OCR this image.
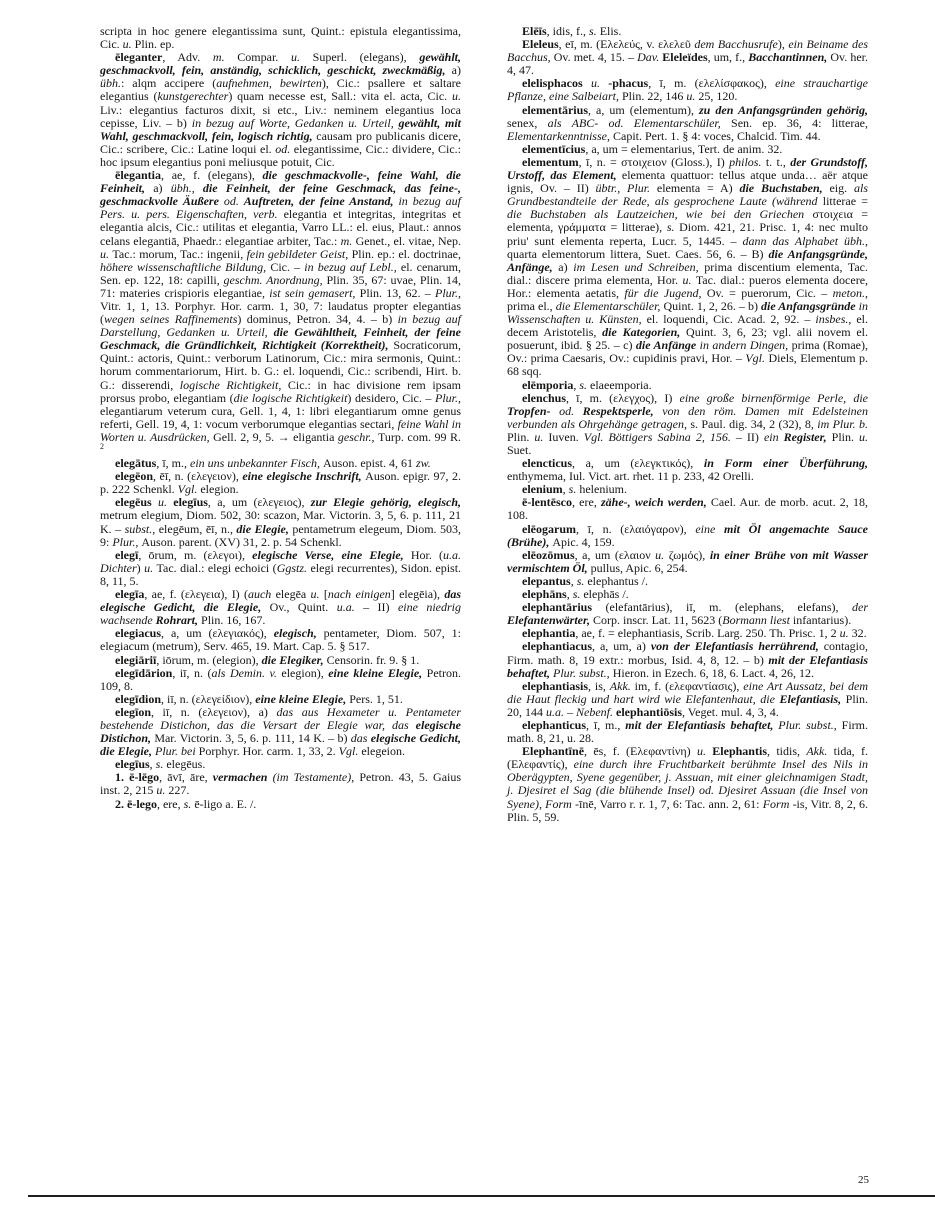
scripta in hoc genere elegantissima sunt, Quint.: epistula elegantissima, Cic. u. Plin. ep.

ēleganter, Adv. m. Compar. u. Superl. (elegans), gewählt, geschmackvoll, fein, anständig, schicklich, geschickt, zweckmäßig, a) übh.: alqm accipere (aufnehmen, bewirten), Cic.: psallere et saltare elegantius (kunstgerechter) quam necesse est, Sall.: vita el. acta, Cic. u. Liv.: elegantius facturos dixit, si etc., Liv.: neminem elegantius loca cepisse, Liv. – b) in bezug auf Worte, Gedanken u. Urteil, gewählt, mit Wahl, geschmackvoll, fein, logisch richtig, causam pro publicanis dicere, Cic.: scribere, Cic.: Latine loqui el. od. elegantissime, Cic.: dividere, Cic.: hoc ipsum elegantius poni meliusque potuit, Cic.

ēlegantia, ae, f. (elegans), die geschmackvolle-, feine Wahl, die Feinheit, a) übh., die Feinheit, der feine Geschmack, das feine-, geschmackvolle Äußere od. Auftreten, der feine Anstand, in bezug auf Pers. u. pers. Eigenschaften, verb. elegantia et integritas, integritas et elegantia alcis, Cic.: utilitas et elegantia, Varro LL.: el. eius, Plaut.: annos celans elegantiā, Phaedr.: elegantiae arbiter, Tac.: m. Genet., el. vitae, Nep. u. Tac.: morum, Tac.: ingenii, fein gebildeter Geist, Plin. ep.: el. doctrinae, höhere wissenschaftliche Bildung, Cic. – in bezug auf Lebl., el. cenarum, Sen. ep. 122, 18: capilli, geschm. Anordnung, Plin. 35, 67: uvae, Plin. 14, 71: materies crispioris elegantiae, ist sein gemasert, Plin. 13, 62. – Plur., Vitr. 1, 1, 13. Porphyr. Hor. carm. 1, 30, 7: laudatus propter elegantias (wegen seines Raffinements) dominus, Petron. 34, 4. – b) in bezug auf Darstellung, Gedanken u. Urteil, die Gewähltheit, Feinheit, der feine Geschmack, die Gründlichkeit, Richtigkeit (Korrektheit), Socraticorum, Quint.: actoris, Quint.: verborum Latinorum, Cic.: mira sermonis, Quint.: horum commentariorum, Hirt. b. G.: el. loquendi, Cic.: scribendi, Hirt. b. G.: disserendi, logische Richtigkeit, Cic.: in hac divisione rem ipsam prorsus probo, elegantiam (die logische Richtigkeit) desidero, Cic. – Plur., elegantiarum veterum cura, Gell. 1, 4, 1: libri elegantiarum omne genus referti, Gell. 19, 4, 1: vocum verborumque elegantias sectari, feine Wahl in Worten u. Ausdrücken, Gell. 2, 9, 5. → eligantia geschr., Turp. com. 99 R. $^2$

elegātus, ī, m., ein uns unbekannter Fisch, Auson. epist. 4, 61 zw.

elegēon, ēī, n. (ελεγειον), eine elegische Inschrift, Auson. epigr. 97, 2. p. 222 Schenkl. Vgl. elegion.

elegēus u. elegīus, a, um (ελεγειος), zur Elegie gehörig, elegisch, metrum elegium, Diom. 502, 30: scazon, Mar. Victorin. 3, 5, 6. p. 111, 21 K. – subst., elegēum, ēī, n., die Elegie, pentametrum elegeum, Diom. 503, 9: Plur., Auson. parent. (XV) 31, 2. p. 54 Schenkl.

elegī, ōrum, m. (ελεγοι), elegische Verse, eine Elegie, Hor. (u.a. Dichter) u. Tac. dial.: elegi echoici (Ggstz. elegi recurrentes), Sidon. epist. 8, 11, 5.

elegīa, ae, f. (ελεγεια), I) (auch elegēa u. [nach einigen] elegēia), das elegische Gedicht, die Elegie, Ov., Quint. u.a. – II) eine niedrig wachsende Rohrart, Plin. 16, 167.

elegiacus, a, um (ελεγιακός), elegisch, pentameter, Diom. 507, 1: elegiacum (metrum), Serv. 465, 19. Mart. Cap. 5. § 517.

elegiāriī, iōrum, m. (elegion), die Elegiker, Censorin. fr. 9. § 1.

elegīdārion, iī, n. (als Demin. v. elegion), eine kleine Elegie, Petron. 109, 8.

elegīdion, iī, n. (ελεγείδιον), eine kleine Elegie, Pers. 1, 51.

elegīon, iī, n. (ελεγειον), a) das aus Hexameter u. Pentameter bestehende Distichon, das die Versart der Elegie war, das elegische Distichon, Mar. Victorin. 3, 5, 6. p. 111, 14 K. – b) das elegische Gedicht, die Elegie, Plur. bei Porphyr. Hor. carm. 1, 33, 2. Vgl. elegeion.

elegīus, s. elegēus.

1. ē-lēgo, āvī, āre, vermachen (im Testamente), Petron. 43, 5. Gaius inst. 2, 215 u. 227.

2. ē-lego, ere, s. ē-ligo a. E. /.

Elēīs, idis, f., s. Elis.

Eleleus, eī, m. (Ελελεύς, v. ελελεῦ dem Bacchusrufe), ein Beiname des Bacchus, Ov. met. 4, 15. – Dav. Eleleïdes, um, f., Bacchantinnen, Ov. her. 4, 47.

elelisphacos u. -phacus, ī, m. (ελελίσφακος), eine strauchartige Pflanze, eine Salbeiart, Plin. 22, 146 u. 25, 120.

elementārius, a, um (elementum), zu den Anfangsgründen gehörig, senex, als ABC- od. Elementarschüler, Sen. ep. 36, 4: litterae, Elementarkenntnisse, Capit. Pert. 1. § 4: voces, Chalcid. Tim. 44.

elementīcius, a, um = elementarius, Tert. de anim. 32.

elementum, ī, n. = στοιχειον (Gloss.), I) philos. t. t., der Grundstoff, Urstoff, das Element, elementa quattuor: tellus atque unda… aër atque ignis, Ov. – II) übtr., Plur. elementa = A) die Buchstaben, eig. als Grundbestandteile der Rede, als gesprochene Laute (während litterae = die Buchstaben als Lautzeichen, wie bei den Griechen στοιχεια = elementa, γράμματα = litterae), s. Diom. 421, 21. Prisc. 1, 4: nec multo priu' sunt elementa reperta, Lucr. 5, 1445. – dann das Alphabet übh., quarta elementorum littera, Suet. Caes. 56, 6. – B) die Anfangsgründe, Anfänge, a) im Lesen und Schreiben, prima discentium elementa, Tac. dial.: discere prima elementa, Hor. u. Tac. dial.: pueros elementa docere, Hor.: elementa aetatis, für die Jugend, Ov. = puerorum, Cic. – meton., prima el., die Elementarschüler, Quint. 1, 2, 26. – b) die Anfangsgründe in Wissenschaften u. Künsten, el. loquendi, Cic. Acad. 2, 92. – insbes., el. decem Aristotelis, die Kategorien, Quint. 3, 6, 23; vgl. alii novem el. posuerunt, ibid. § 25. – c) die Anfänge in andern Dingen, prima (Romae), Ov.: prima Caesaris, Ov.: cupidinis pravi, Hor. – Vgl. Diels, Elementum p. 68 sqq.

elēmporia, s. elaeemporia.

elenchus, ī, m. (ελεγχος), I) eine große birnenförmige Perle, die Tropfen- od. Respektsperle, von den röm. Damen mit Edelsteinen verbunden als Ohrgehänge getragen, s. Paul. dig. 34, 2 (32), 8, im Plur. b. Plin. u. Iuven. Vgl. Böttigers Sabina 2, 156. – II) ein Register, Plin. u. Suet.

elencticus, a, um (ελεγκτικός), in Form einer Überführung, enthymema, Iul. Vict. art. rhet. 11 p. 233, 42 Orelli.

elenium, s. helenium.

ē-lentēsco, ere, zähe-, weich werden, Cael. Aur. de morb. acut. 2, 18, 108.

elēogarum, ī, n. (ελαιόγαρον), eine mit Öl angemachte Sauce (Brühe), Apic. 4, 159.

elēozōmus, a, um (ελαιον u. ζωμός), in einer Brühe von mit Wasser vermischtem Öl, pullus, Apic. 6, 254.

elepantus, s. elephantus /.

elephāns, s. elephās /.

elephantārius (elefantārius), iī, m. (elephans, elefans), der Elefantenwärter, Corp. inscr. Lat. 11, 5623 (Bormann liest infantarius).

elephantia, ae, f. = elephantiasis, Scrib. Larg. 250. Th. Prisc. 1, 2 u. 32.

elephantiacus, a, um, a) von der Elefantiasis herrührend, contagio, Firm. math. 8, 19 extr.: morbus, Isid. 4, 8, 12. – b) mit der Elefantiasis behaftet, Plur. subst., Hieron. in Ezech. 6, 18, 6. Lact. 4, 26, 12.

elephantiasis, is, Akk. im, f. (ελεφαντίασις), eine Art Aussatz, bei dem die Haut fleckig und hart wird wie Elefantenhaut, die Elefantiasis, Plin. 20, 144 u.a. – Nebenf. elephantiōsis, Veget. mul. 4, 3, 4.

elephanticus, ī, m., mit der Elefantiasis behaftet, Plur. subst., Firm. math. 8, 21, u. 28.

Elephantīnē, ēs, f. (Ελεφαντίνη) u. Elephantis, tidis, Akk. tida, f. (Ελεφαντίς), eine durch ihre Fruchtbarkeit berühmte Insel des Nils in Oberägypten, Syene gegenüber, j. Assuan, mit einer gleichnamigen Stadt, j. Djesiret el Sag (die blühende Insel) od. Djesiret Assuan (die Insel von Syene), Form -īnē, Varro r. r. 1, 7, 6: Tac. ann. 2, 61: Form -is, Vitr. 8, 2, 6. Plin. 5, 59.

25
